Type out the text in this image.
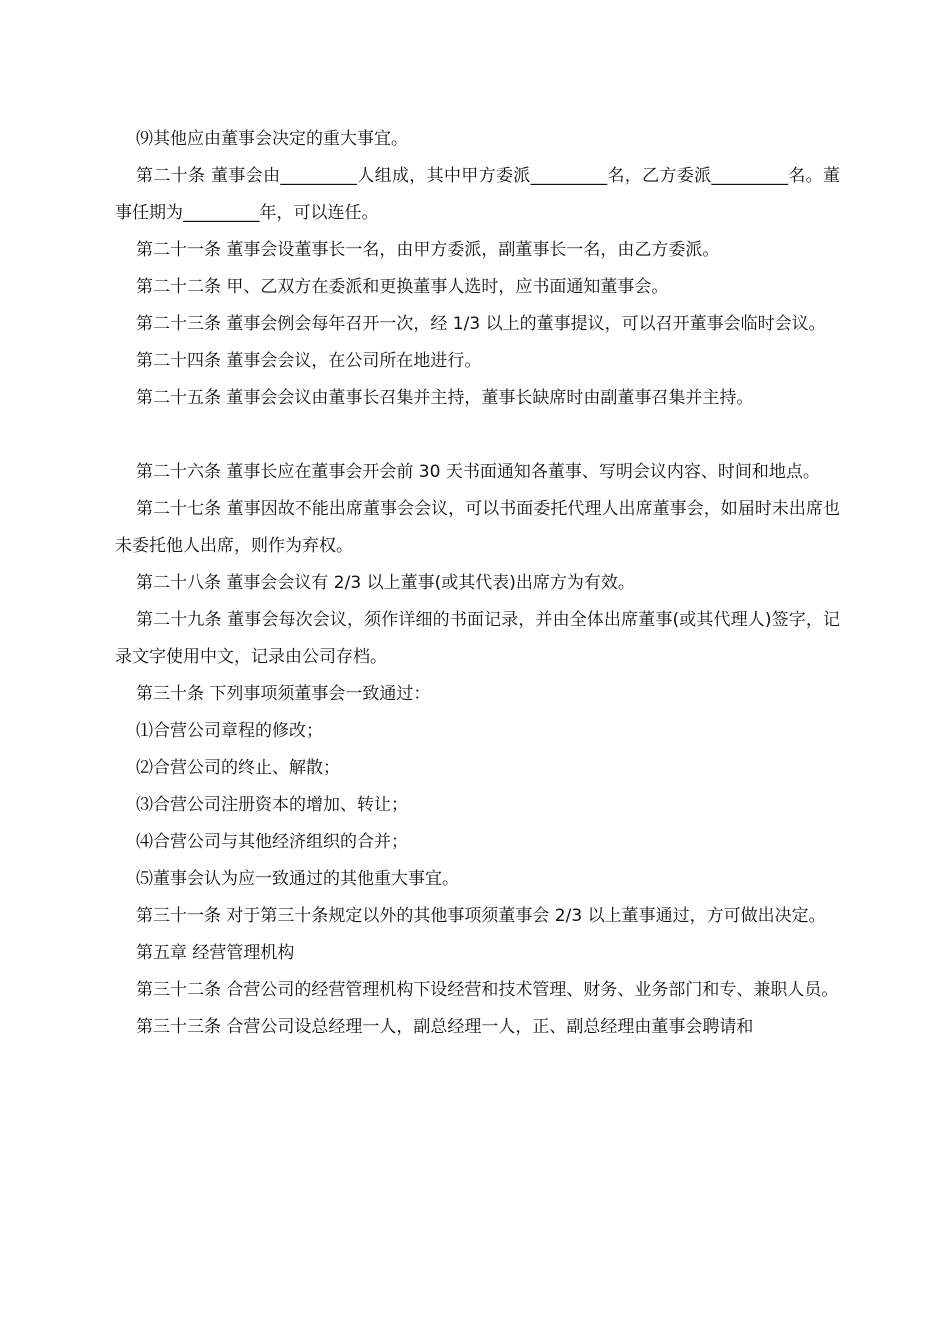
⑼其他应由董事会决定的重大事宜。

第二十条 董事会由_________人组成，其中甲方委派_________名，乙方委派_________名。董事任期为_________年，可以连任。

第二十一条 董事会设董事长一名，由甲方委派，副董事长一名，由乙方委派。

第二十二条 甲、乙双方在委派和更换董事人选时，应书面通知董事会。

第二十三条 董事会例会每年召开一次，经 1/3 以上的董事提议，可以召开董事会临时会议。

第二十四条 董事会会议，在公司所在地进行。

第二十五条 董事会会议由董事长召集并主持，董事长缺席时由副董事召集并主持。

第二十六条 董事长应在董事会开会前 30 天书面通知各董事、写明会议内容、时间和地点。

第二十七条 董事因故不能出席董事会会议，可以书面委托代理人出席董事会，如届时未出席也未委托他人出席，则作为弃权。

第二十八条 董事会会议有 2/3 以上董事(或其代表)出席方为有效。

第二十九条 董事会每次会议，须作详细的书面记录，并由全体出席董事(或其代理人)签字，记录文字使用中文，记录由公司存档。

第三十条 下列事项须董事会一致通过：

⑴合营公司章程的修改；

⑵合营公司的终止、解散；

⑶合营公司注册资本的增加、转让；

⑷合营公司与其他经济组织的合并；

⑸董事会认为应一致通过的其他重大事宜。

第三十一条 对于第三十条规定以外的其他事项须董事会 2/3 以上董事通过，方可做出决定。

第五章 经营管理机构

第三十二条 合营公司的经营管理机构下设经营和技术管理、财务、业务部门和专、兼职人员。

第三十三条 合营公司设总经理一人，副总经理一人，正、副总经理由董事会聘请和
